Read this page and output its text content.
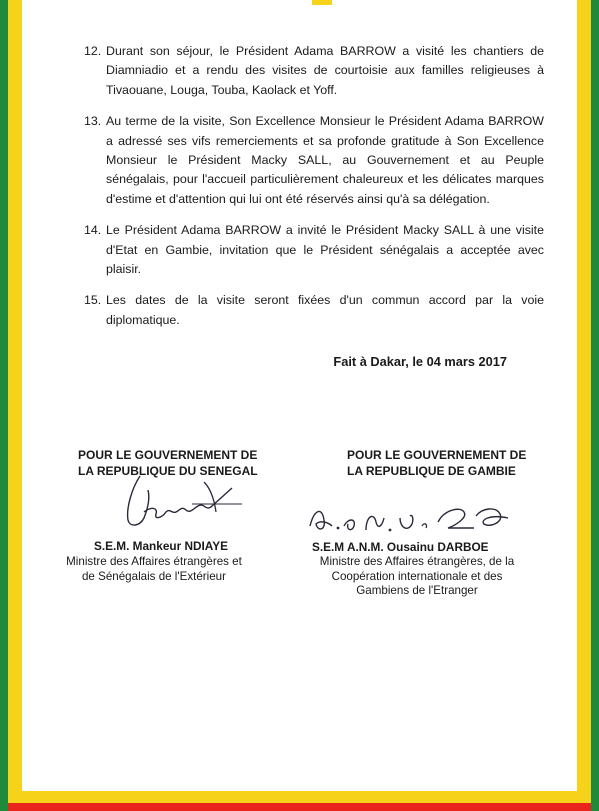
12. Durant son séjour, le Président Adama BARROW a visité les chantiers de Diamniadio et a rendu des visites de courtoisie aux familles religieuses à Tivaouane, Louga, Touba, Kaolack et Yoff.
13. Au terme de la visite, Son Excellence Monsieur le Président Adama BARROW a adressé ses vifs remerciements et sa profonde gratitude à Son Excellence Monsieur le Président Macky SALL, au Gouvernement et au Peuple sénégalais, pour l'accueil particulièrement chaleureux et les délicates marques d'estime et d'attention qui lui ont été réservés ainsi qu'à sa délégation.
14. Le Président Adama BARROW a invité le Président Macky SALL à une visite d'Etat en Gambie, invitation que le Président sénégalais a acceptée avec plaisir.
15. Les dates de la visite seront fixées d'un commun accord par la voie diplomatique.
Fait à Dakar, le 04 mars 2017
POUR LE GOUVERNEMENT DE
LA REPUBLIQUE DU SENEGAL
S.E.M. Mankeur NDIAYE
Ministre des Affaires étrangères et
de Sénégalais de l'Extérieur
POUR LE GOUVERNEMENT DE
LA REPUBLIQUE DE GAMBIE
S.E.M A.N.M. Ousainu DARBOE
Ministre des Affaires étrangères, de la
Coopération internationale et des
Gambiens de l'Etranger
